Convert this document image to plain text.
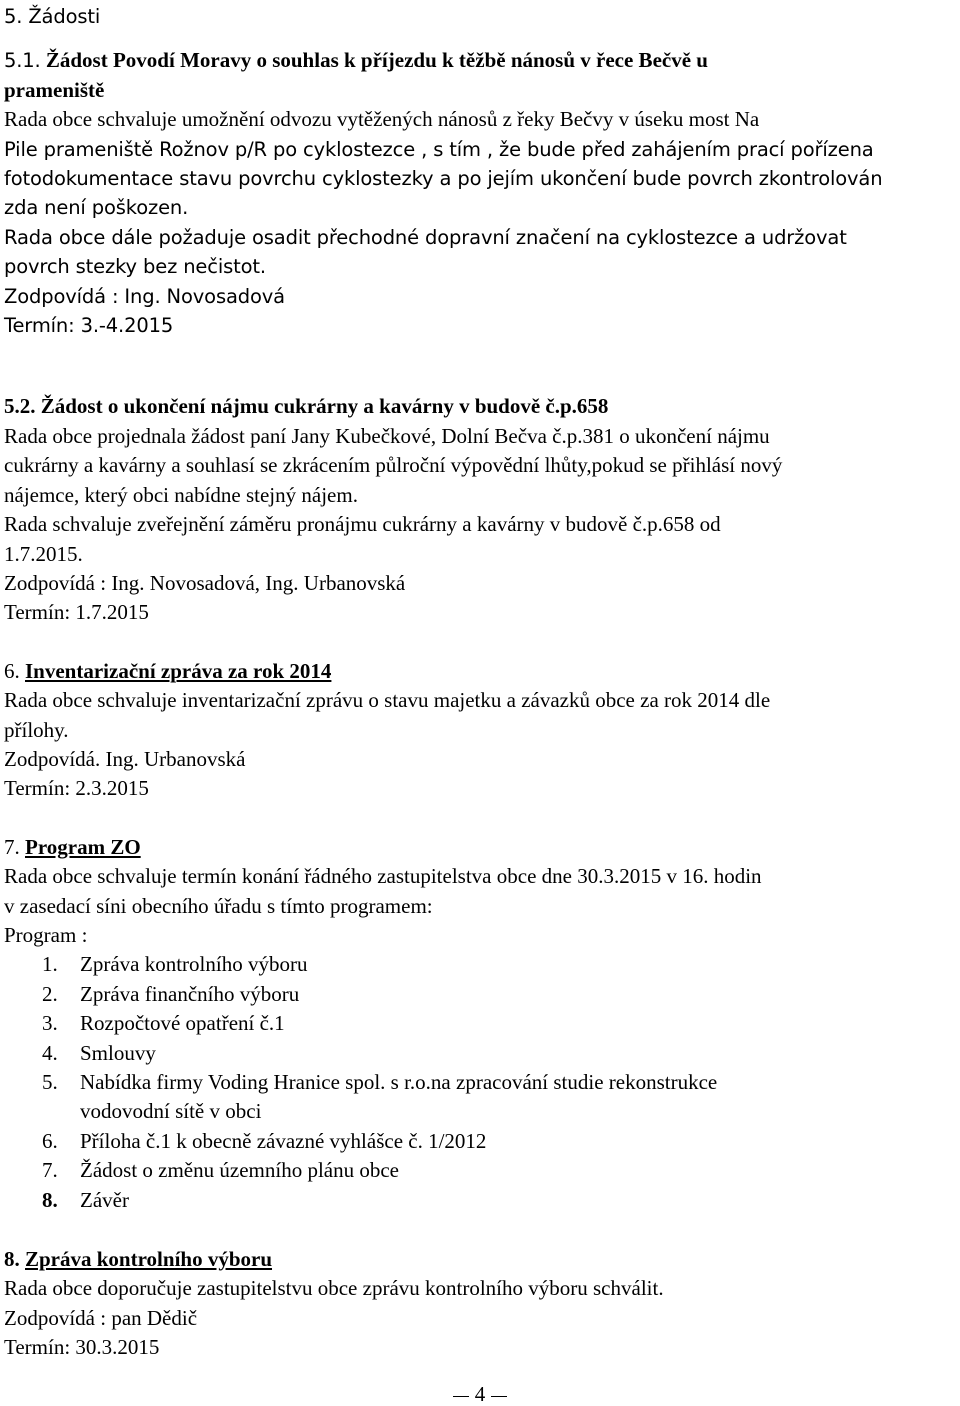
5. Žádosti

5.1. Žádost Povodí Moravy o souhlas k příjezdu k těžbě nánosů v řece Bečvě u

prameniště

Rada obce schvaluje umožnění odvozu vytěžených nánosů z řeky Bečvy v úseku most Na

Pile prameniště Rožnov p/R po cyklostezce , s tím , že bude před zahájením prací pořízena

fotodokumentace stavu povrchu cyklostezky a po jejím ukončení bude povrch zkontrolován

zda není poškozen.

Rada obce dále požaduje osadit přechodné dopravní značení na cyklostezce a udržovat

povrch stezky bez nečistot.

Zodpovídá : Ing. Novosadová

Termín: 3.-4.2015

5.2. Žádost o ukončení nájmu cukrárny a kavárny v budově č.p.658

Rada obce projednala žádost paní Jany Kubečkové, Dolní Bečva č.p.381 o ukončení nájmu

cukrárny a kavárny a souhlasí se zkrácením půlroční výpovědní lhůty,pokud se přihlásí nový

nájemce, který obci nabídne stejný nájem.

Rada schvaluje zveřejnění záměru pronájmu cukrárny a kavárny v budově č.p.658 od

1.7.2015.

Zodpovídá : Ing. Novosadová, Ing. Urbanovská

Termín: 1.7.2015

6. Inventarizační zpráva za rok 2014

Rada obce schvaluje inventarizační zprávu o stavu majetku a závazků obce za rok 2014 dle

přílohy.

Zodpovídá. Ing. Urbanovská

Termín: 2.3.2015

7. Program ZO

Rada obce schvaluje termín konání řádného zastupitelstva obce dne 30.3.2015 v 16. hodin

v zasedací síni obecního úřadu s tímto programem:

Program :

1.	Zpráva kontrolního výboru
2.	Zpráva finančního výboru
3.	Rozpočtové opatření č.1
4.	Smlouvy
5.	Nabídka firmy Voding Hranice spol. s r.o.na zpracování studie rekonstrukce
vodovodní sítě v obci
6.	Příloha č.1 k obecně závazné vyhlášce č. 1/2012
7.	Žádost o změnu územního plánu obce
8.	Závěr

8. Zpráva kontrolního výboru

Rada obce doporučuje zastupitelstvu obce zprávu kontrolního výboru schválit.

Zodpovídá : pan Dědič

Termín: 30.3.2015

4
